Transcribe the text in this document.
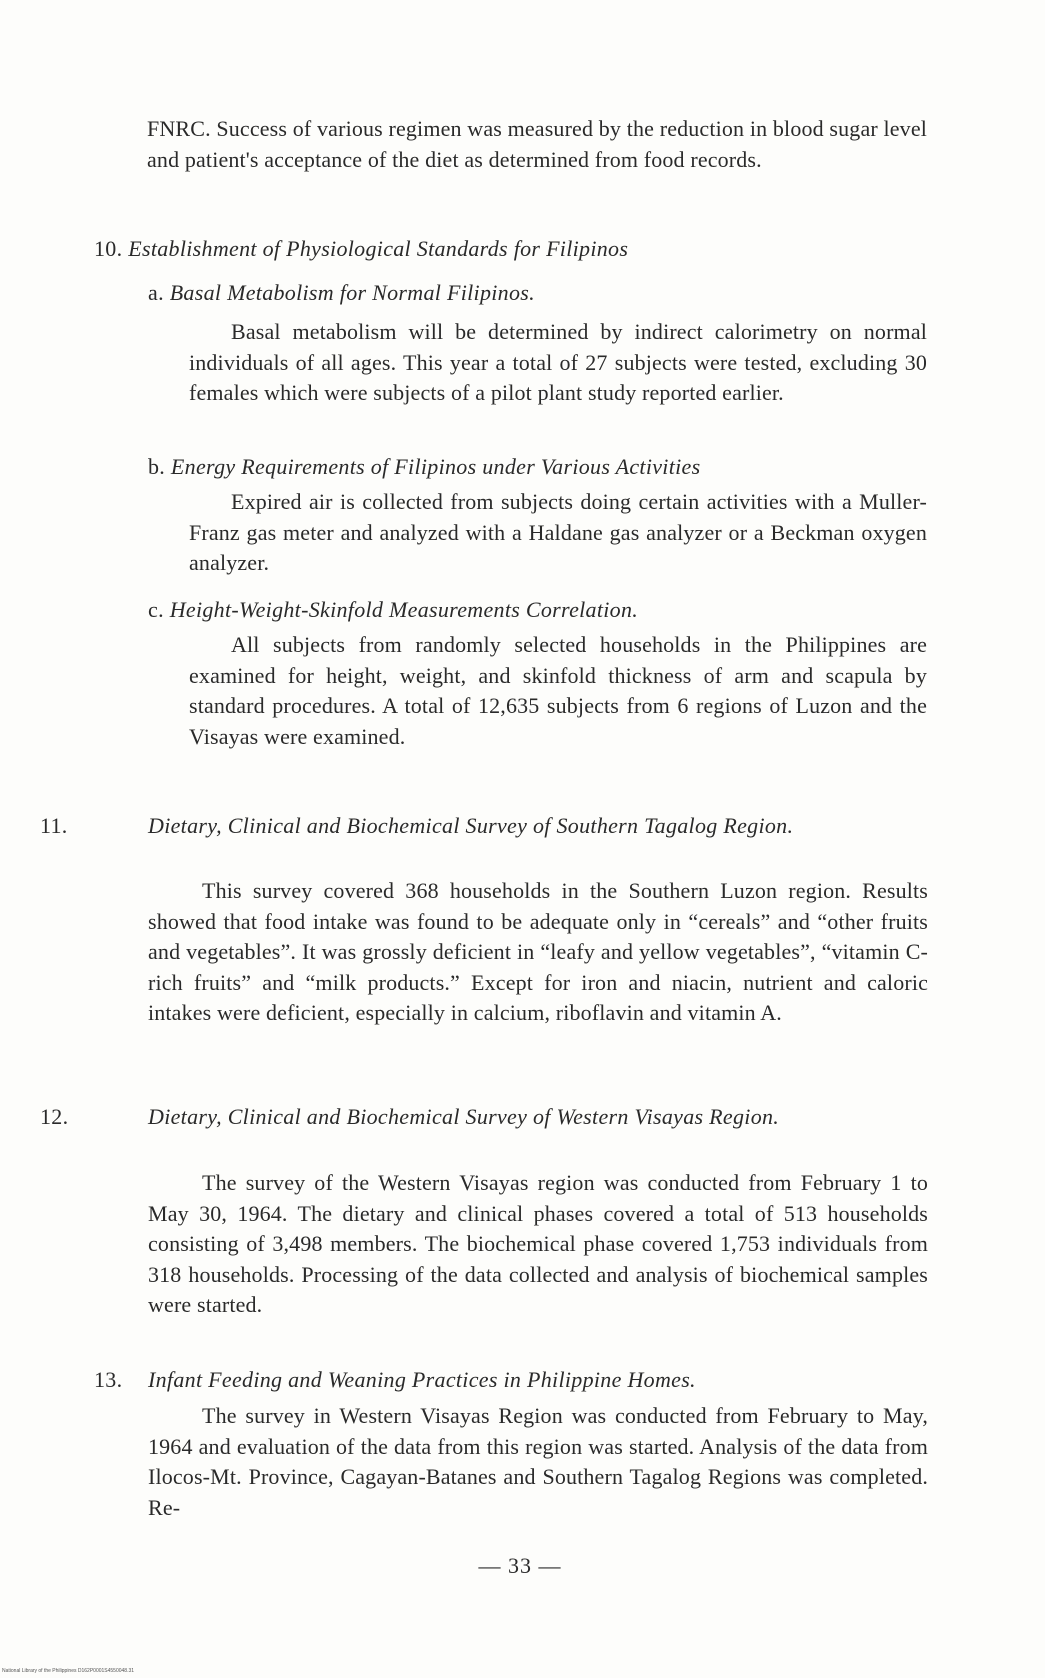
FNRC. Success of various regimen was measured by the reduction in blood sugar level and patient's acceptance of the diet as determined from food records.

10. Establishment of Physiological Standards for Filipinos
a. Basal Metabolism for Normal Filipinos.

Basal metabolism will be determined by indirect calorimetry on normal individuals of all ages. This year a total of 27 subjects were tested, excluding 30 females which were subjects of a pilot plant study reported earlier.

b. Energy Requirements of Filipinos under Various Activities

Expired air is collected from subjects doing certain activities with a Muller-Franz gas meter and analyzed with a Haldane gas analyzer or a Beckman oxygen analyzer.

c. Height-Weight-Skinfold Measurements Correlation.

All subjects from randomly selected households in the Philippines are examined for height, weight, and skinfold thickness of arm and scapula by standard procedures. A total of 12,635 subjects from 6 regions of Luzon and the Visayas were examined.

11.	Dietary, Clinical and Biochemical Survey of Southern Tagalog Region.

This survey covered 368 households in the Southern Luzon region. Results showed that food intake was found to be adequate only in “cereals” and “other fruits and vegetables”. It was grossly deficient in “leafy and yellow vegetables”, “vitamin C-rich fruits” and “milk products.” Except for iron and niacin, nutrient and caloric intakes were deficient, especially in calcium, riboflavin and vitamin A.

12.	Dietary, Clinical and Biochemical Survey of Western Visayas Region.

The survey of the Western Visayas region was conducted from February 1 to May 30, 1964. The dietary and clinical phases covered a total of 513 households consisting of 3,498 members. The biochemical phase covered 1,753 individuals from 318 households. Processing of the data collected and analysis of biochemical samples were started.

13. Infant Feeding and Weaning Practices in Philippine Homes.

The survey in Western Visayas Region was conducted from February to May, 1964 and evaluation of the data from this region was started. Analysis of the data from Ilocos-Mt. Province, Cagayan-Batanes and Southern Tagalog Regions was completed. Re-

— 33 —
National Library of the Philippines D162P0001S4550048.31
